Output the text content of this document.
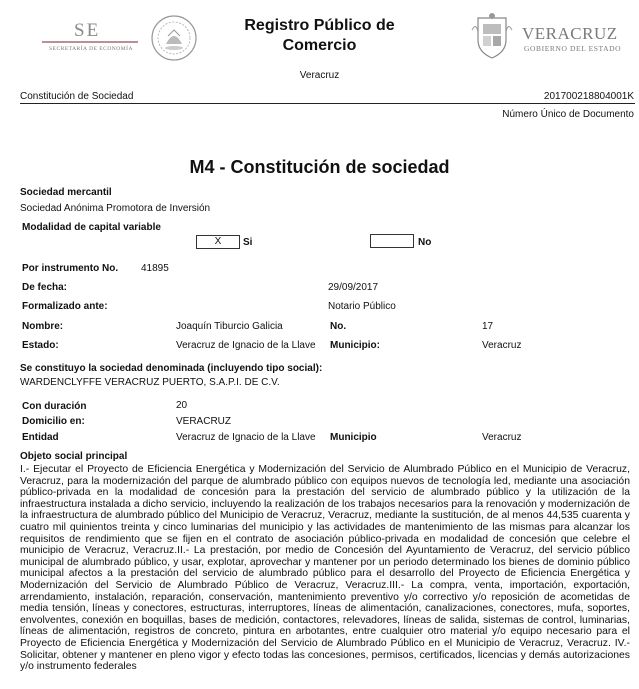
SE
SECRETARÍA DE ECONOMÍA
Registro Público de
Comercio
VERACRUZ
GOBIERNO DEL ESTADO
Veracruz
Constitución de Sociedad	201700218804001K
Número Único de Documento
M4 - Constitución de sociedad
Sociedad mercantil
Sociedad Anónima Promotora de Inversión
Modalidad de capital variable
X	Si	No
Por instrumento No. 41895
De fecha:	29/09/2017
Formalizado ante:	Notario Público
Nombre:	Joaquín Tiburcio Galicia	No.	17
Estado:	Veracruz de Ignacio de la Llave Municipio:	Veracruz
Se constituyo la sociedad denominada (incluyendo tipo social):
WARDENCLYFFE VERACRUZ PUERTO, S.A.P.I. DE C.V.
Con duración	20
Domicilio en:	VERACRUZ
Entidad	Veracruz de Ignacio de la Llave Municipio	Veracruz
Objeto social principal
I.- Ejecutar el Proyecto de Eficiencia Energética y Modernización del Servicio de Alumbrado Público en el Municipio de Veracruz, Veracruz, para la modernización del parque de alumbrado público con equipos nuevos de tecnología led, mediante una asociación público-privada en la modalidad de concesión para la prestación del servicio de alumbrado público y la utilización de la infraestructura instalada a dicho servicio, incluyendo la realización de los trabajos necesarios para la renovación y modernización de la infraestructura de alumbrado público del Municipio de Veracruz, Veracruz, mediante la sustitución, de al menos 44,535 cuarenta y cuatro mil quinientos treinta y cinco luminarias del municipio y las actividades de mantenimiento de las mismas para alcanzar los requisitos de rendimiento que se fijen en el contrato de asociación público-privada en modalidad de concesión que celebre el municipio de Veracruz, Veracruz.II.- La prestación, por medio de Concesión del Ayuntamiento de Veracruz, del servicio público municipal de alumbrado público, y usar, explotar, aprovechar y mantener por un periodo determinado los bienes de dominio público municipal afectos a la prestación del servicio de alumbrado público para el desarrollo del Proyecto de Eficiencia Energética y Modernización del Servicio de Alumbrado Público de Veracruz, Veracruz.III.- La compra, venta, importación, exportación, arrendamiento, instalación, reparación, conservación, mantenimiento preventivo y/o correctivo y/o reposición de acometidas de media tensión, líneas y conectores, estructuras, interruptores, líneas de alimentación, canalizaciones, conectores, mufa, soportes, envolventes, conexión en boquillas, bases de medición, contactores, relevadores, líneas de salida, sistemas de control, luminarias, líneas de alimentación, registros de concreto, pintura en arbotantes, entre cualquier otro material y/o equipo necesario para el Proyecto de Eficiencia Energética y Modernización del Servicio de Alumbrado Público en el Municipio de Veracruz, Veracruz. IV.- Solicitar, obtener y mantener en pleno vigor y efecto todas las concesiones, permisos, certificados, licencias y demás autorizaciones y/o instrumento federales
